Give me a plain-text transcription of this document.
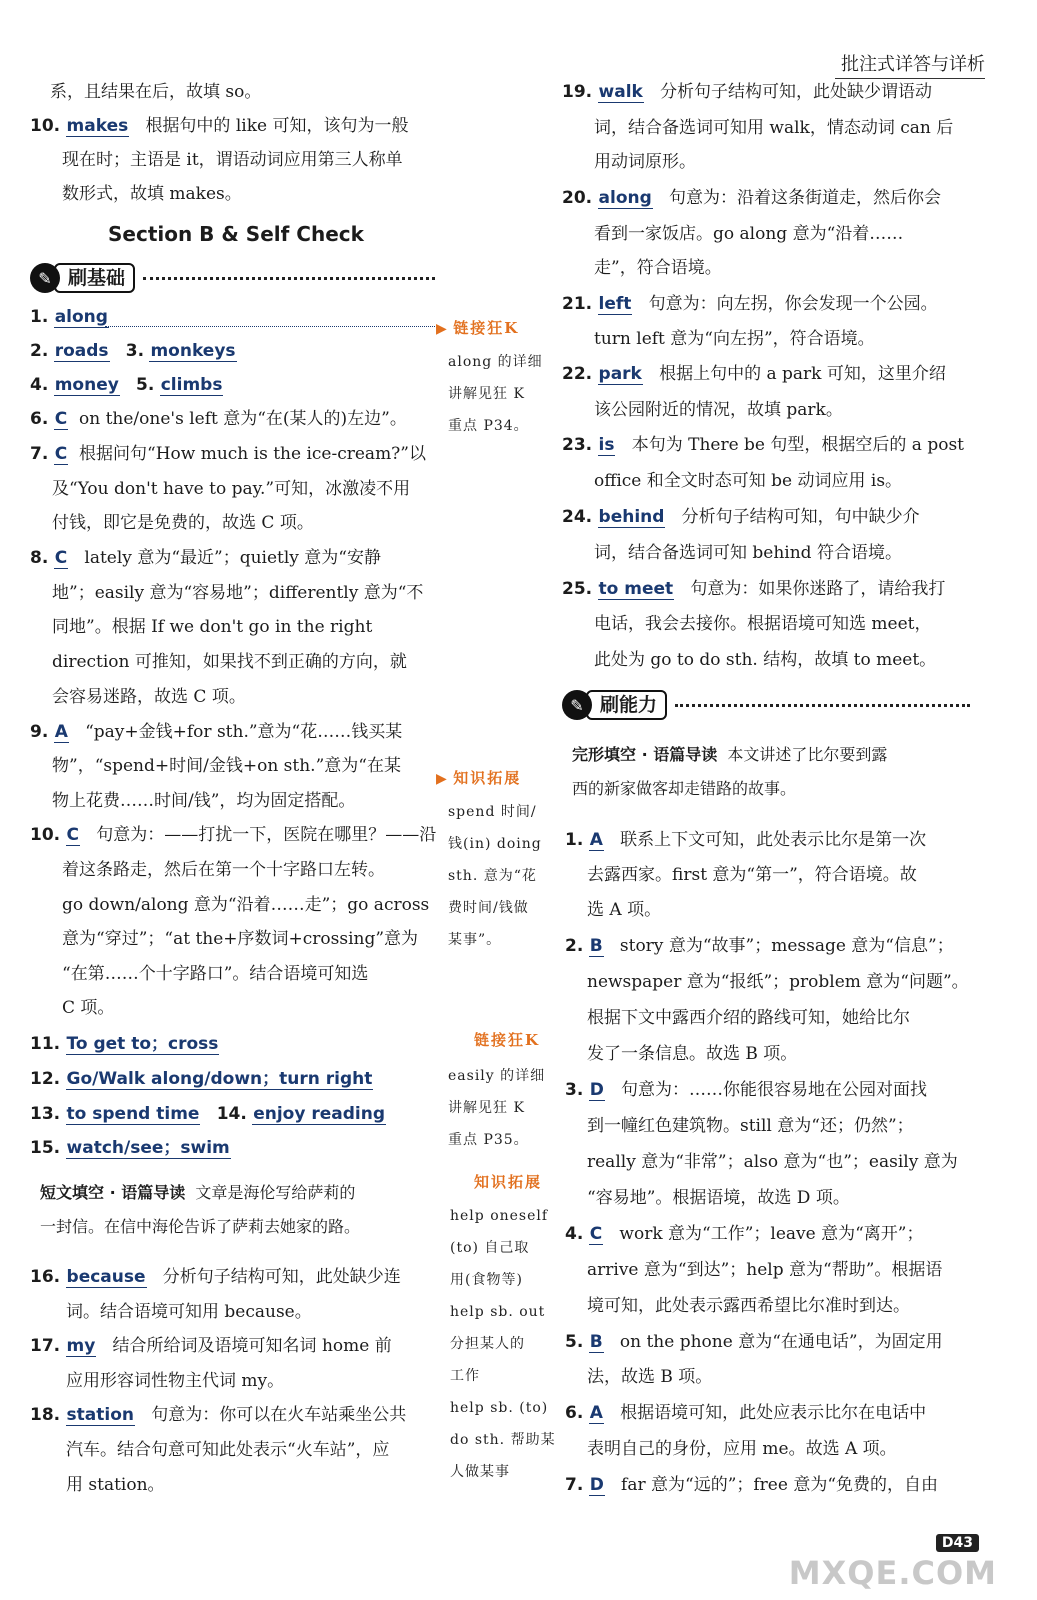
批注式详答与详析
系，且结果在后，故填 so。
10. makes 根据句中的 like 可知，该句为一般
现在时；主语是 it，谓语动词应用第三人称单
数形式，故填 makes。
Section B & Self Check
✎ 刷基础
1. along
2. roads 3. monkeys
4. money 5. climbs
6. C on the/one's left 意为“在(某人的)左边”。
7. C 根据问句“How much is the ice-cream?”以
及“You don't have to pay.”可知，冰激凌不用
付钱，即它是免费的，故选 C 项。
8. C lately 意为“最近”；quietly 意为“安静
地”；easily 意为“容易地”；differently 意为“不
同地”。根据 If we don't go in the right
direction 可推知，如果找不到正确的方向，就
会容易迷路，故选 C 项。
9. A “pay+金钱+for sth.”意为“花……钱买某
物”，“spend+时间/金钱+on sth.”意为“在某
物上花费……时间/钱”，均为固定搭配。
10. C 句意为：——打扰一下，医院在哪里？——沿
着这条路走，然后在第一个十字路口左转。
go down/along 意为“沿着……走”；go across
意为“穿过”；“at the+序数词+crossing”意为
“在第……个十字路口”。结合语境可知选
C 项。
11. To get to；cross
12. Go/Walk along/down；turn right
13. to spend time 14. enjoy reading
15. watch/see；swim
短文填空 · 语篇导读 文章是海伦写给萨莉的
一封信。在信中海伦告诉了萨莉去她家的路。
16. because 分析句子结构可知，此处缺少连
词。结合语境可知用 because。
17. my 结合所给词及语境可知名词 home 前
应用形容词性物主代词 my。
18. station 句意为：你可以在火车站乘坐公共
汽车。结合句意可知此处表示“火车站”，应
用 station。
▶ 链接狂K
along 的详细
讲解见狂 K
重点 P34。
▶ 知识拓展
spend 时间/
钱(in) doing
sth. 意为“花
费时间/钱做
某事”。
链接狂K
easily 的详细
讲解见狂 K
重点 P35。
知识拓展
help oneself
(to) 自己取
用(食物等)
help sb. out
分担某人的
工作
help sb. (to)
do sth. 帮助某
人做某事
19. walk 分析句子结构可知，此处缺少谓语动
词，结合备选词可知用 walk，情态动词 can 后
用动词原形。
20. along 句意为：沿着这条街道走，然后你会
看到一家饭店。go along 意为“沿着……
走”，符合语境。
21. left 句意为：向左拐，你会发现一个公园。
turn left 意为“向左拐”，符合语境。
22. park 根据上句中的 a park 可知，这里介绍
该公园附近的情况，故填 park。
23. is 本句为 There be 句型，根据空后的 a post
office 和全文时态可知 be 动词应用 is。
24. behind 分析句子结构可知，句中缺少介
词，结合备选词可知 behind 符合语境。
25. to meet 句意为：如果你迷路了，请给我打
电话，我会去接你。根据语境可知选 meet，
此处为 go to do sth. 结构，故填 to meet。
✎ 刷能力
完形填空 · 语篇导读 本文讲述了比尔要到露
西的新家做客却走错路的故事。
1. A 联系上下文可知，此处表示比尔是第一次
去露西家。first 意为“第一”，符合语境。故
选 A 项。
2. B story 意为“故事”；message 意为“信息”；
newspaper 意为“报纸”；problem 意为“问题”。
根据下文中露西介绍的路线可知，她给比尔
发了一条信息。故选 B 项。
3. D 句意为：……你能很容易地在公园对面找
到一幢红色建筑物。still 意为“还；仍然”；
really 意为“非常”；also 意为“也”；easily 意为
“容易地”。根据语境，故选 D 项。
4. C work 意为“工作”；leave 意为“离开”；
arrive 意为“到达”；help 意为“帮助”。根据语
境可知，此处表示露西希望比尔准时到达。
5. B on the phone 意为“在通电话”，为固定用
法，故选 B 项。
6. A 根据语境可知，此处应表示比尔在电话中
表明自己的身份，应用 me。故选 A 项。
7. D far 意为“远的”；free 意为“免费的，自由
D43
MXQE.COM
